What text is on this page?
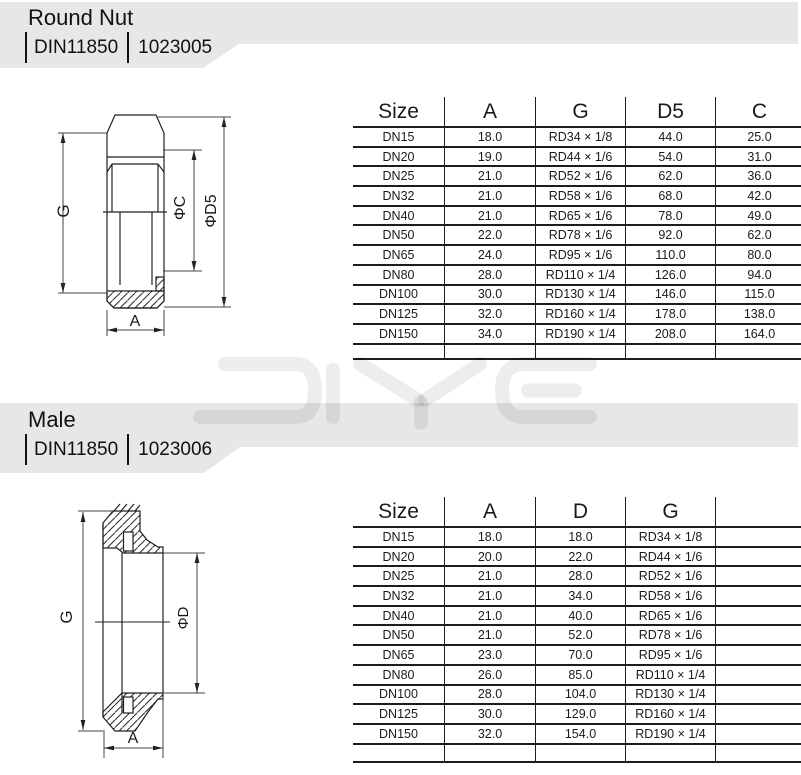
Round Nut
DIN11850	1023005
G	ΦC ΦD5
A
Size	A	G	D5	C
DN15	18.0	RD34 × 1/8	44.0	25.0
DN20	19.0	RD44 × 1/6	54.0	31.0
DN25	21.0	RD52 × 1/6	62.0	36.0
DN32	21.0	RD58 × 1/6	68.0	42.0
DN40	21.0	RD65 × 1/6	78.0	49.0
DN50	22.0	RD78 × 1/6	92.0	62.0
DN65	24.0	RD95 × 1/6	110.0	80.0
DN80	28.0	RD110 × 1/4	126.0	94.0
DN100	30.0	RD130 × 1/4	146.0	115.0
DN125	32.0	RD160 × 1/4	178.0	138.0
DN150	34.0	RD190 × 1/4	208.0	164.0

Male
DIN11850	1023006
G	ΦD
A
Size	A	D	G	
DN15	18.0	18.0	RD34 × 1/8	
DN20	20.0	22.0	RD44 × 1/6	
DN25	21.0	28.0	RD52 × 1/6	
DN32	21.0	34.0	RD58 × 1/6	
DN40	21.0	40.0	RD65 × 1/6	
DN50	21.0	52.0	RD78 × 1/6	
DN65	23.0	70.0	RD95 × 1/6	
DN80	26.0	85.0	RD110 × 1/4	
DN100	28.0	104.0	RD130 × 1/4	
DN125	30.0	129.0	RD160 × 1/4	
DN150	32.0	154.0	RD190 × 1/4	
